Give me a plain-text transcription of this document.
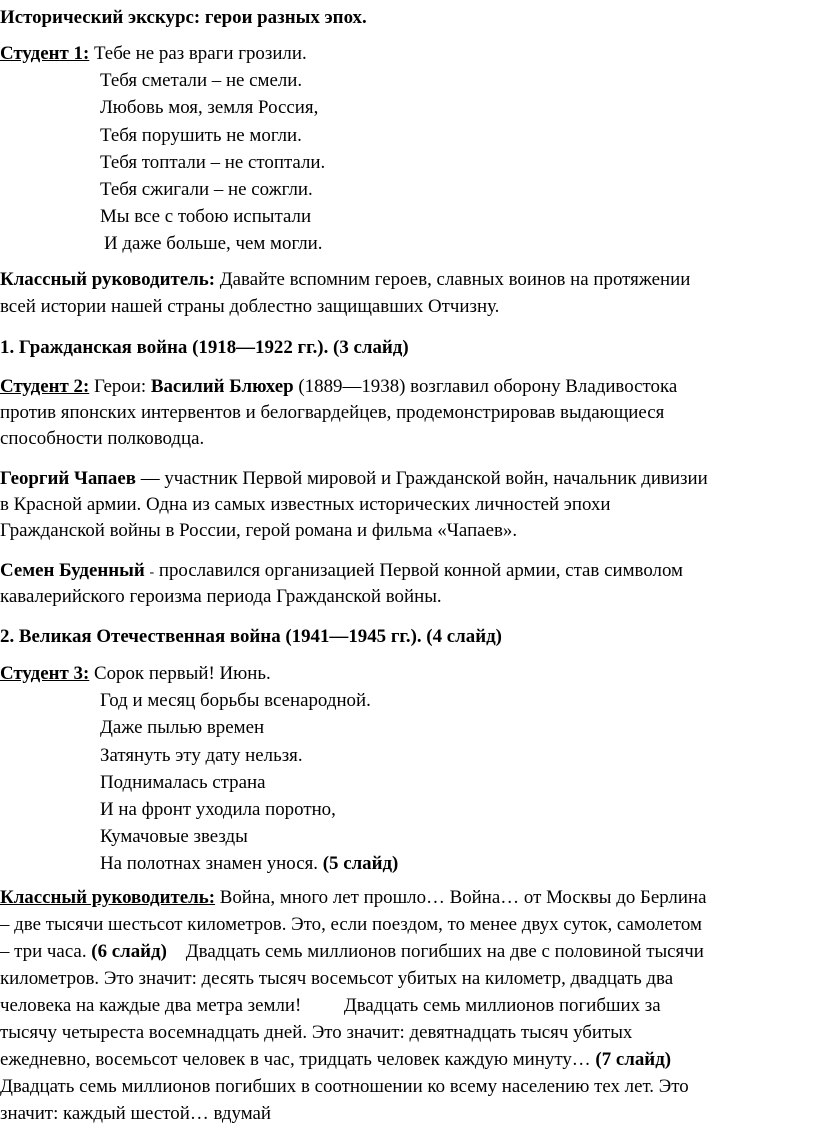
Исторический экскурс: герои разных эпох.

Студент 1: Тебе не раз враги грозили.
Тебя сметали – не смели.
Любовь моя, земля Россия,
Тебя порушить не могли.
Тебя топтали – не стоптали.
Тебя сжигали – не сожгли.
Мы все с тобою испытали
И даже больше, чем могли.

Классный руководитель: Давайте вспомним героев, славных воинов на протяжении

всей истории нашей страны доблестно защищавших Отчизну.

1. Гражданская война (1918—1922 гг.). (3 слайд)

Студент 2: Герои: Василий Блюхер (1889—1938) возглавил оборону Владивостока

против японских интервентов и белогвардейцев, продемонстрировав выдающиеся

способности полководца.

Георгий Чапаев — участник Первой мировой и Гражданской войн, начальник дивизии

в Красной армии. Одна из самых известных исторических личностей эпохи

Гражданской войны в России, герой романа и фильма «Чапаев».

Семен Буденный - прославился организацией Первой конной армии, став символом

кавалерийского героизма периода Гражданской войны.

2. Великая Отечественная война (1941—1945 гг.). (4 слайд)

Студент 3: Сорок первый! Июнь.
Год и месяц борьбы всенародной.
Даже пылью времен
Затянуть эту дату нельзя.
Поднималась страна
И на фронт уходила поротно,
Кумачовые звезды
На полотнах знамен унося. (5 слайд)

Классный руководитель: Война, много лет прошло… Война… от Москвы до Берлина

– две тысячи шестьсот километров. Это, если поездом, то менее двух суток, самолетом

– три часа. (6 слайд) Двадцать семь миллионов погибших на две с половиной тысячи

километров. Это значит: десять тысяч восемьсот убитых на километр, двадцать два

человека на каждые два метра земли! Двадцать семь миллионов погибших за

тысячу четыреста восемнадцать дней. Это значит: девятнадцать тысяч убитых

ежедневно, восемьсот человек в час, тридцать человек каждую минуту… (7 слайд)

Двадцать семь миллионов погибших в соотношении ко всему населению тех лет. Это

значит: каждый шестой… вдумай
